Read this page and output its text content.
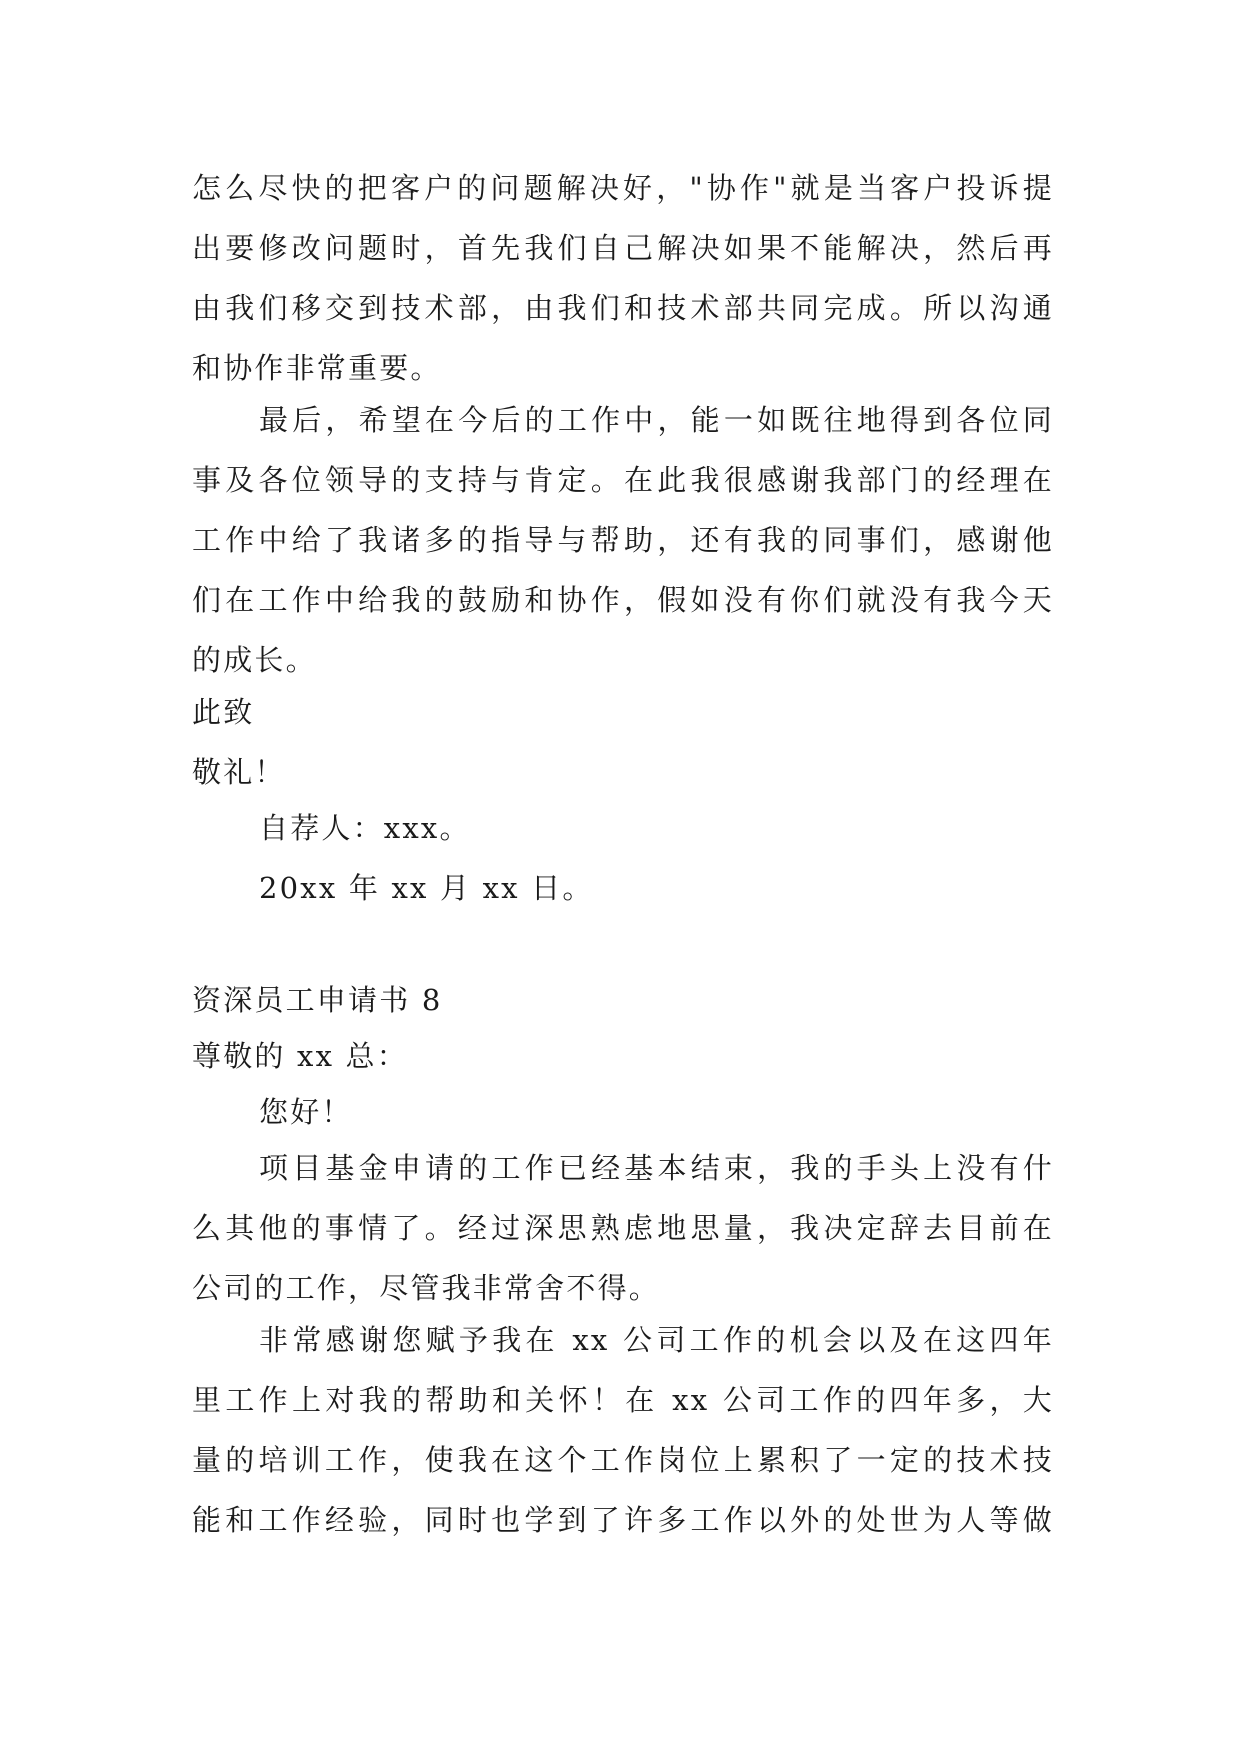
怎么尽快的把客户的问题解决好，"协作"就是当客户投诉提

出要修改问题时，首先我们自己解决如果不能解决，然后再

由我们移交到技术部，由我们和技术部共同完成。所以沟通

和协作非常重要。

最后，希望在今后的工作中，能一如既往地得到各位同

事及各位领导的支持与肯定。在此我很感谢我部门的经理在

工作中给了我诸多的指导与帮助，还有我的同事们，感谢他

们在工作中给我的鼓励和协作，假如没有你们就没有我今天

的成长。

此致

敬礼！

自荐人：xxx。

20xx 年 xx 月 xx 日。

资深员工申请书 8

尊敬的 xx 总：

您好！

项目基金申请的工作已经基本结束，我的手头上没有什

么其他的事情了。经过深思熟虑地思量，我决定辞去目前在

公司的工作，尽管我非常舍不得。

非常感谢您赋予我在 xx 公司工作的机会以及在这四年

里工作上对我的帮助和关怀！在 xx 公司工作的四年多，大

量的培训工作，使我在这个工作岗位上累积了一定的技术技

能和工作经验，同时也学到了许多工作以外的处世为人等做
